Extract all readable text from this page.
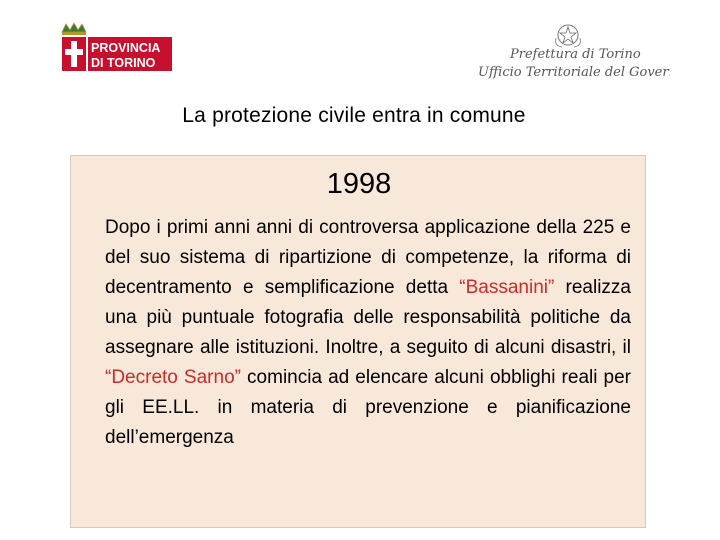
PROVINCIA
DI TORINO
Prefettura di Torino
Ufficio Territoriale del Governo
La protezione civile entra in comune
1998
Dopo i primi anni anni di controversa applicazione della 225 e del suo sistema di ripartizione di competenze, la riforma di decentramento e semplificazione detta “Bassanini” realizza una più puntuale fotografia delle responsabilità politiche da assegnare alle istituzioni. Inoltre, a seguito di alcuni disastri, il “Decreto Sarno” comincia ad elencare alcuni obblighi reali per gli EE.LL. in materia di prevenzione e pianificazione dell’emergenza
